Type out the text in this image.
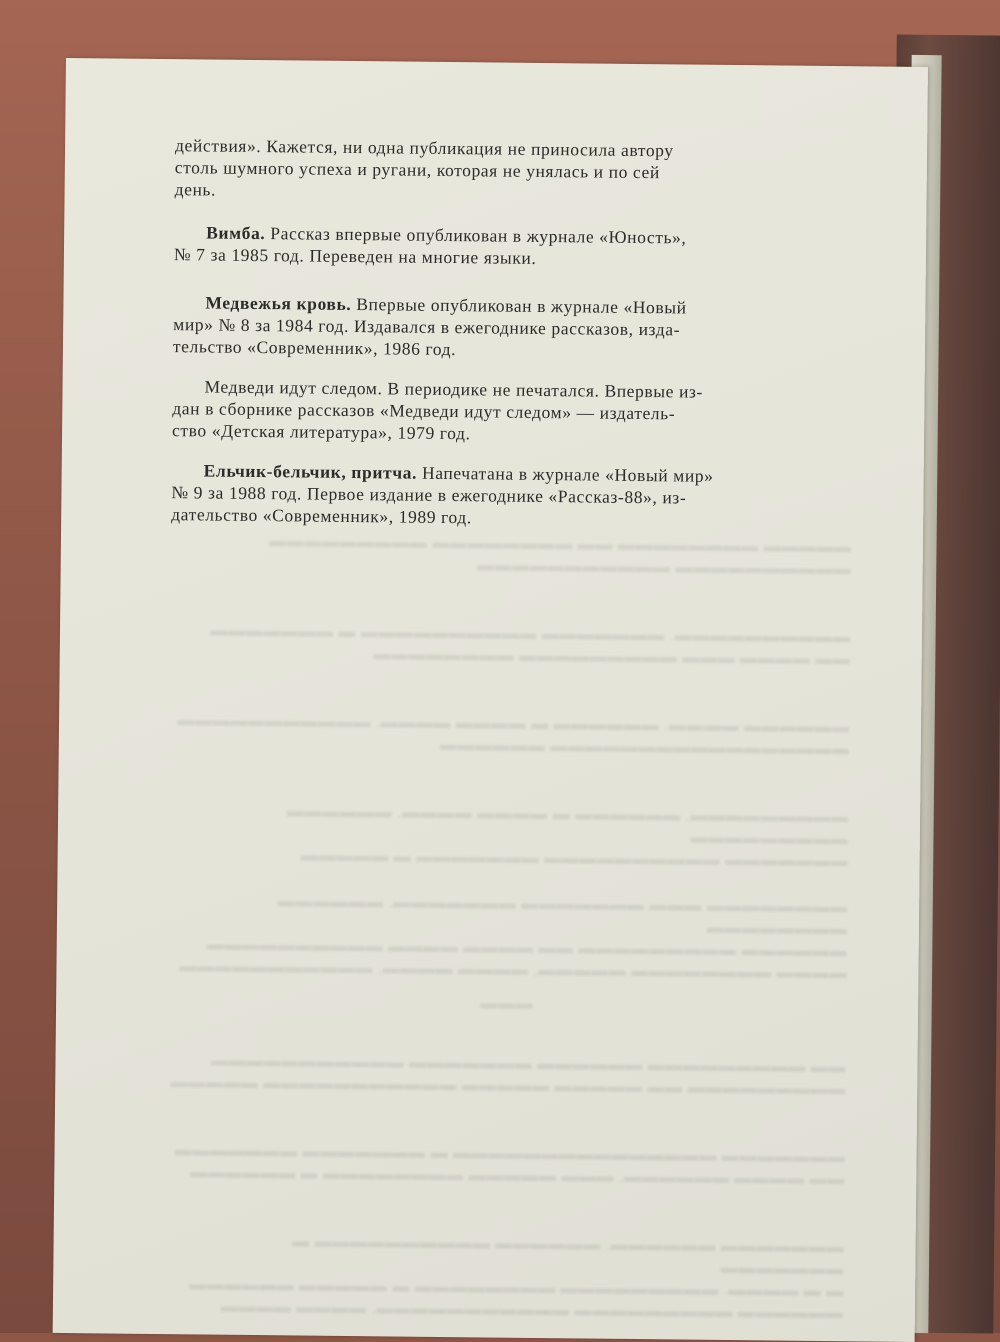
действия». Кажется, ни одна публикация не приносила автору

столь шумного успеха и ругани, которая не унялась и по сей

день.

Вимба. Рассказ впервые опубликован в журнале «Юность»,

№ 7 за 1985 год. Переведен на многие языки.

Медвежья кровь. Впервые опубликован в журнале «Новый

мир» № 8 за 1984 год. Издавался в ежегоднике рассказов, изда-

тельство «Современник», 1986 год.

Медведи идут следом. В периодике не печатался. Впервые из-

дан в сборнике рассказов «Медведи идут следом» — издатель-

ство «Детская литература», 1979 год.

Ельчик-бельчик, притча. Напечатана в журнале «Новый мир»

№ 9 за 1988 год. Первое издание в ежегоднике «Рассказ-88», из-

дательство «Современник», 1989 год.

▬▬▬▬▬ ▬▬▬▬▬▬▬▬ ▬▬ ▬▬▬▬▬▬▬▬ ▬▬▬▬▬▬▬▬▬
▬▬▬▬▬▬▬▬▬▬ ▬▬▬▬▬▬▬▬▬▬▬
▬▬▬▬▬▬▬▬▬▬. ▬▬▬▬▬▬▬ ▬▬▬▬▬▬▬▬▬▬ ▬ ▬▬▬▬▬▬▬
▬▬ ▬▬▬▬ ▬▬▬ ▬▬▬▬▬▬▬▬▬ ▬▬▬▬▬▬▬▬
▬▬▬▬▬▬ ▬▬▬▬. ▬▬▬▬▬▬ ▬ ▬▬▬▬ ▬▬▬▬. ▬▬▬▬▬▬▬▬▬▬▬
▬▬▬▬▬▬▬▬▬▬▬▬▬▬▬▬▬ ▬▬▬▬▬▬
▬▬▬▬▬▬▬▬▬. ▬▬▬▬▬▬ ▬ ▬▬▬▬ ▬▬▬▬. ▬▬▬▬▬▬ ▬▬▬▬▬▬▬▬▬
▬▬▬▬▬▬▬ ▬▬▬▬▬▬▬▬▬▬ ▬▬▬▬▬▬▬ ▬ ▬▬▬▬▬
▬▬▬▬▬▬▬▬ ▬▬▬ ▬▬▬▬▬▬▬ ▬▬▬▬▬▬▬. ▬▬▬▬▬▬ ▬▬▬▬▬▬▬▬
▬▬▬▬▬▬ ▬▬▬▬▬▬▬▬▬ ▬▬ ▬▬▬▬ ▬▬▬▬ ▬▬▬▬▬▬▬▬▬▬
▬▬▬▬ ▬▬▬▬▬▬▬▬ ▬▬▬▬▬, ▬▬▬▬ ▬▬▬▬, ▬▬▬▬▬▬▬▬▬▬▬
▬▬▬
▬▬ ▬▬▬▬▬▬▬▬▬ ▬▬▬▬▬▬ ▬▬▬▬▬▬▬ ▬▬▬▬▬▬▬▬▬▬▬
▬▬▬▬▬▬▬▬▬ ▬▬ ▬▬▬▬▬ ▬▬▬▬▬ ▬▬▬▬▬▬▬▬▬▬▬ ▬▬▬▬▬
▬▬▬▬▬▬▬ ▬▬▬▬▬▬▬▬▬▬▬▬▬▬▬ ▬ ▬▬▬▬▬▬▬ ▬▬▬▬▬▬▬
▬▬ ▬▬▬▬ ▬▬▬▬▬▬. ▬▬▬ ▬▬▬▬▬ ▬▬▬▬▬▬▬▬ ▬ ▬▬▬▬▬▬
▬▬▬▬▬▬▬ ▬▬▬▬▬▬. ▬▬▬▬▬▬ ▬▬▬▬▬▬▬▬▬▬ ▬ ▬▬▬▬▬▬▬
▬ ▬ ▬▬▬▬. ▬▬▬▬▬▬▬▬▬ ▬▬▬▬▬▬▬▬ ▬ ▬▬▬▬▬ ▬▬▬▬▬▬
▬▬▬▬▬▬ ▬▬▬▬▬▬▬▬▬ ▬▬▬▬▬▬▬▬▬▬▬, ▬▬▬▬ ▬▬▬▬
